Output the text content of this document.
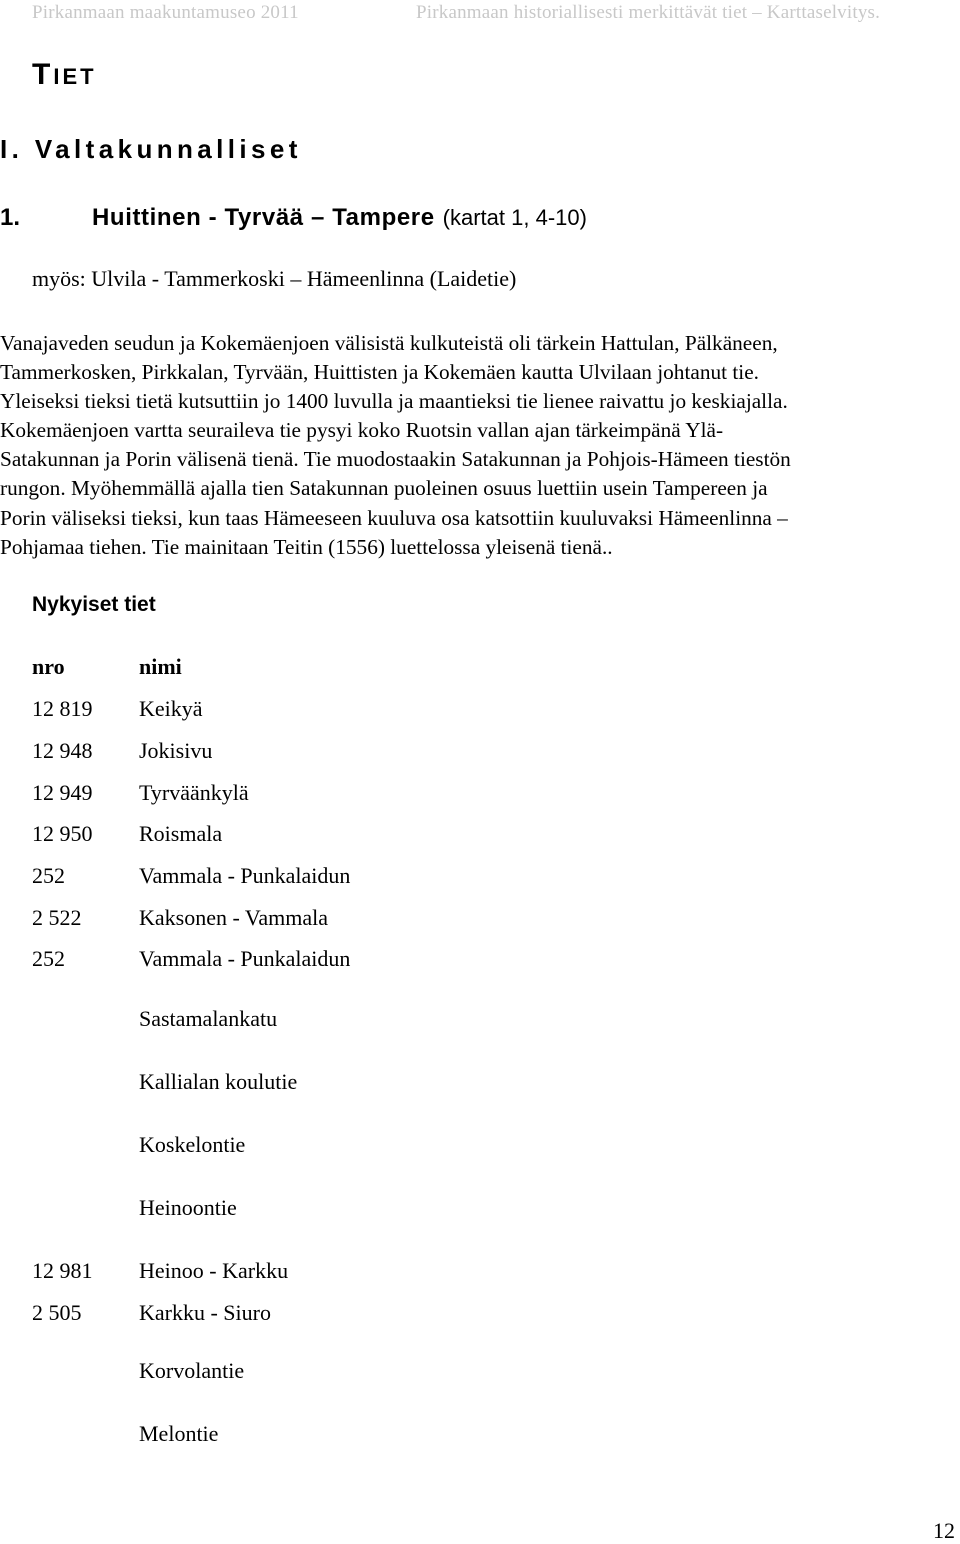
Pirkanmaan maakuntamuseo 2011	Pirkanmaan historiallisesti merkittävät tiet – Karttaselvitys.
TIET
I. Valtakunnalliset
1.	Huittinen - Tyrvää – Tampere (kartat 1, 4-10)
myös: Ulvila - Tammerkoski – Hämeenlinna (Laidetie)

Vanajaveden seudun ja Kokemäenjoen välisistä kulkuteistä oli tärkein Hattulan, Pälkäneen,
Tammerkosken, Pirkkalan, Tyrvään, Huittisten ja Kokemäen kautta Ulvilaan johtanut tie.
Yleiseksi tieksi tietä kutsuttiin jo 1400 luvulla ja maantieksi tie lienee raivattu jo keskiajalla.
Kokemäenjoen vartta seuraileva tie pysyi koko Ruotsin vallan ajan tärkeimpänä Ylä-
Satakunnan ja Porin välisenä tienä. Tie muodostaakin Satakunnan ja Pohjois-Hämeen tiestön
rungon. Myöhemmällä ajalla tien Satakunnan puoleinen osuus luettiin usein Tampereen ja
Porin väliseksi tieksi, kun taas Hämeeseen kuuluva osa katsottiin kuuluvaksi Hämeenlinna –
Pohjamaa tiehen. Tie mainitaan Teitin (1556) luettelossa yleisenä tienä..

Nykyiset tiet
nro	nimi
12 819 Keikyä
12 948 Jokisivu
12 949 Tyrväänkylä
12 950 Roismala
252	Vammala - Punkalaidun
2 522	Kaksonen - Vammala
252	Vammala - Punkalaidun
Sastamalankatu
Kallialan koulutie
Koskelontie
Heinoontie
12 981 Heinoo - Karkku
2 505	Karkku - Siuro
Korvolantie
Melontie
12
